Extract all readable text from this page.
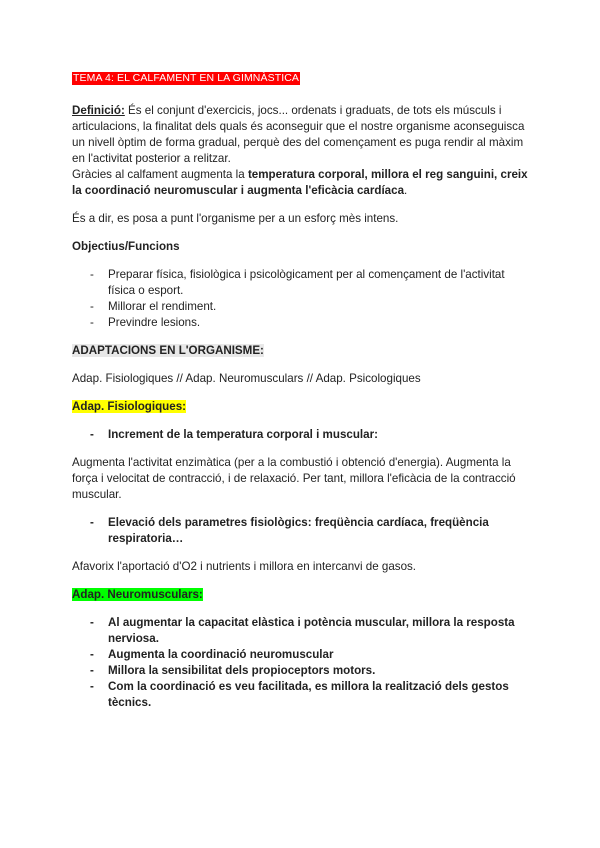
TEMA 4: EL CALFAMENT EN LA GIMNÀSTICA

Definició: És el conjunt d'exercicis, jocs... ordenats i graduats, de tots els músculs i articulacions, la finalitat dels quals és aconseguir que el nostre organisme aconseguisca un nivell òptim de forma gradual, perquè des del començament es puga rendir al màxim en l'activitat posterior a relitzar.

Gràcies al calfament augmenta la temperatura corporal, millora el reg sanguini, creix la coordinació neuromuscular i augmenta l'eficàcia cardíaca.

És a dir, es posa a punt l'organisme per a un esforç mès intens.

Objectius/Funcions

- Preparar física, fisiològica i psicològicament per al començament de l'activitat física o esport.
- Millorar el rendiment.
- Previndre lesions.

ADAPTACIONS EN L'ORGANISME:

Adap. Fisiologiques // Adap. Neuromusculars // Adap. Psicologiques

Adap. Fisiologiques:

- Increment de la temperatura corporal i muscular:

Augmenta l'activitat enzimàtica (per a la combustió i obtenció d'energia). Augmenta la força i velocitat de contracció, i de relaxació. Per tant, millora l'eficàcia de la contracció muscular.

- Elevació dels parametres fisiològics: freqüència cardíaca, freqüència respiratoria…

Afavorix l'aportació d'O2 i nutrients i millora en intercanvi de gasos.

Adap. Neuromusculars:

- Al augmentar la capacitat elàstica i potència muscular, millora la resposta nerviosa.
- Augmenta la coordinació neuromuscular
- Millora la sensibilitat dels propioceptors motors.
- Com la coordinació es veu facilitada, es millora la realització dels gestos tècnics.
